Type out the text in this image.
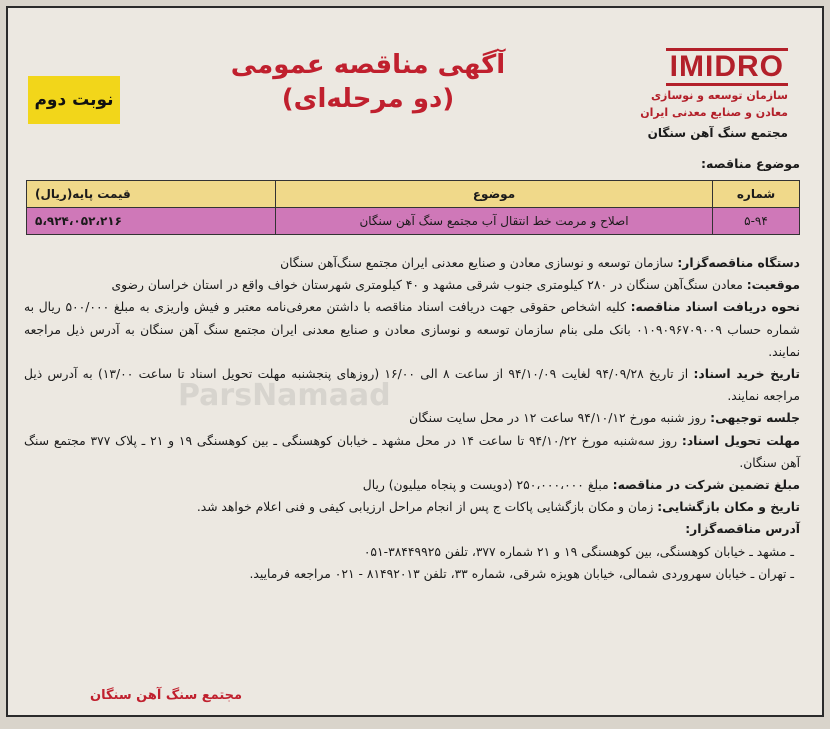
IMIDRO
سازمان توسعه و نوسازی
معادن و صنایع معدنی ایران
مجتمع سنگ آهن سنگان
آگهی مناقصه عمومی
(دو مرحله‌ای)
نوبت دوم
موضوع مناقصه:
شماره	موضوع	قیمت پایه(ریال)
۵-۹۴	اصلاح و مرمت خط انتقال آب مجتمع سنگ آهن سنگان	۵،۹۲۴،۰۵۲،۲۱۶
ParsNamaad

دستگاه مناقصه‌گزار: سازمان توسعه و نوسازی معادن و صنایع معدنی ایران مجتمع سنگ‌آهن سنگان

موقعیت: معادن سنگ‌آهن سنگان در ۲۸۰ کیلومتری جنوب شرقی مشهد و ۴۰ کیلومتری شهرستان خواف واقع در استان خراسان رضوی

نحوه دریافت اسناد مناقصه: کلیه اشخاص حقوقی جهت دریافت اسناد مناقصه با داشتن معرفی‌نامه معتبر و فیش واریزی به مبلغ ۵۰۰/۰۰۰ ریال به شماره حساب ۰۱۰۹۰۹۶۷۰۹۰۰۹ بانک ملی بنام سازمان توسعه و نوسازی معادن و صنایع معدنی ایران مجتمع سنگ آهن سنگان به آدرس ذیل مراجعه نمایند.

تاریخ خرید اسناد: از تاریخ ۹۴/۰۹/۲۸ لغایت ۹۴/۱۰/۰۹ از ساعت ۸ الی ۱۶/۰۰ (روزهای پنجشنبه مهلت تحویل اسناد تا ساعت ۱۳/۰۰) به آدرس ذیل مراجعه نمایند.

جلسه توجیهی: روز شنبه مورخ ۹۴/۱۰/۱۲ ساعت ۱۲ در محل سایت سنگان

مهلت تحویل اسناد: روز سه‌شنبه مورخ ۹۴/۱۰/۲۲ تا ساعت ۱۴ در محل مشهد ـ خیابان کوهسنگی ـ بین کوهسنگی ۱۹ و ۲۱ ـ پلاک ۳۷۷ مجتمع سنگ آهن سنگان.

مبلغ تضمین شرکت در مناقصه: مبلغ ۲۵۰،۰۰۰،۰۰۰ (دویست و پنجاه میلیون) ریال

تاریخ و مکان بازگشایی: زمان و مکان بازگشایی پاکات ج پس از انجام مراحل ارزیابی کیفی و فنی اعلام خواهد شد.

آدرس مناقصه‌گزار:

ـ مشهد ـ خیابان کوهسنگی، بین کوهسنگی ۱۹ و ۲۱ شماره ۳۷۷، تلفن ۳۸۴۴۹۹۲۵-۰۵۱

ـ تهران ـ خیابان سهروردی شمالی، خیابان هویزه شرقی، شماره ۳۳، تلفن ۸۱۴۹۲۰۱۳ - ۰۲۱ مراجعه فرمایید.

مجتمع سنگ آهن سنگان
